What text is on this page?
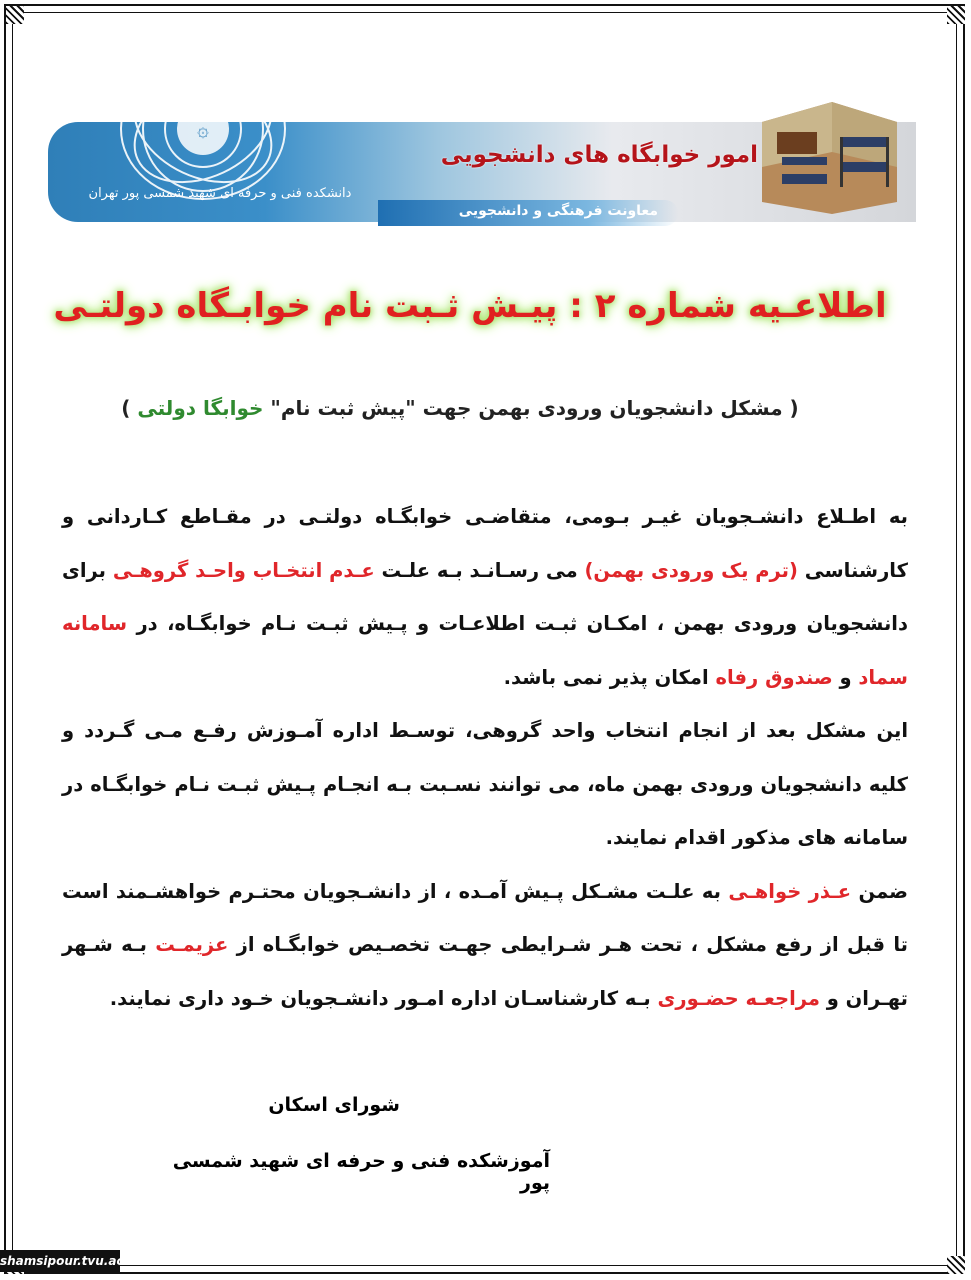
۞
دانشکده فنی و حرفه ای شهید شمسی پور تهران
امور خوابگاه های دانشجویی
معاونت فرهنگی و دانشجویی
اطلاعـیه شماره ۲ : پیـش ثـبت نام خوابـگاه دولتـی
( مشکل دانشجویان ورودی بهمن جهت "پیش ثبت نام" خوابگا دولتی )
به اطـلاع دانشـجویان غیـر بـومی، متقاضـی خوابگـاه دولتـی در مقـاطع کـاردانی و کارشناسی (ترم یک ورودی بهمن) می رسـانـد بـه علـت عـدم انتخـاب واحـد گروهـی برای دانشجویان ورودی بهمن ، امکـان ثبـت اطلاعـات و پـیش ثبـت نـام خوابگـاه، در سامانه سماد و صندوق رفاه امکان پذیر نمی باشد.
این مشکل بعد از انجام انتخاب واحد گروهی، توسـط اداره آمـوزش رفـع مـی گـردد و کلیه دانشجویان ورودی بهمن ماه، می توانند نسـبت بـه انجـام پـیش ثبـت نـام خوابگـاه در سامانه های مذکور اقدام نمایند.
ضمن عـذر خواهـی به علـت مشـکل پـیش آمـده ، از دانشـجویان محتـرم خواهشـمند است تا قبل از رفع مشکل ، تحت هـر شـرایطی جهـت تخصـیص خوابگـاه از عزیمـت بـه شـهر تهـران و مراجعـه حضـوری بـه کارشناسـان اداره امـور دانشـجویان خـود داری نمایند.
شورای اسکان
آموزشکده فنی و حرفه ای شهید شمسی پور
shamsipour.tvu.ac.ir
